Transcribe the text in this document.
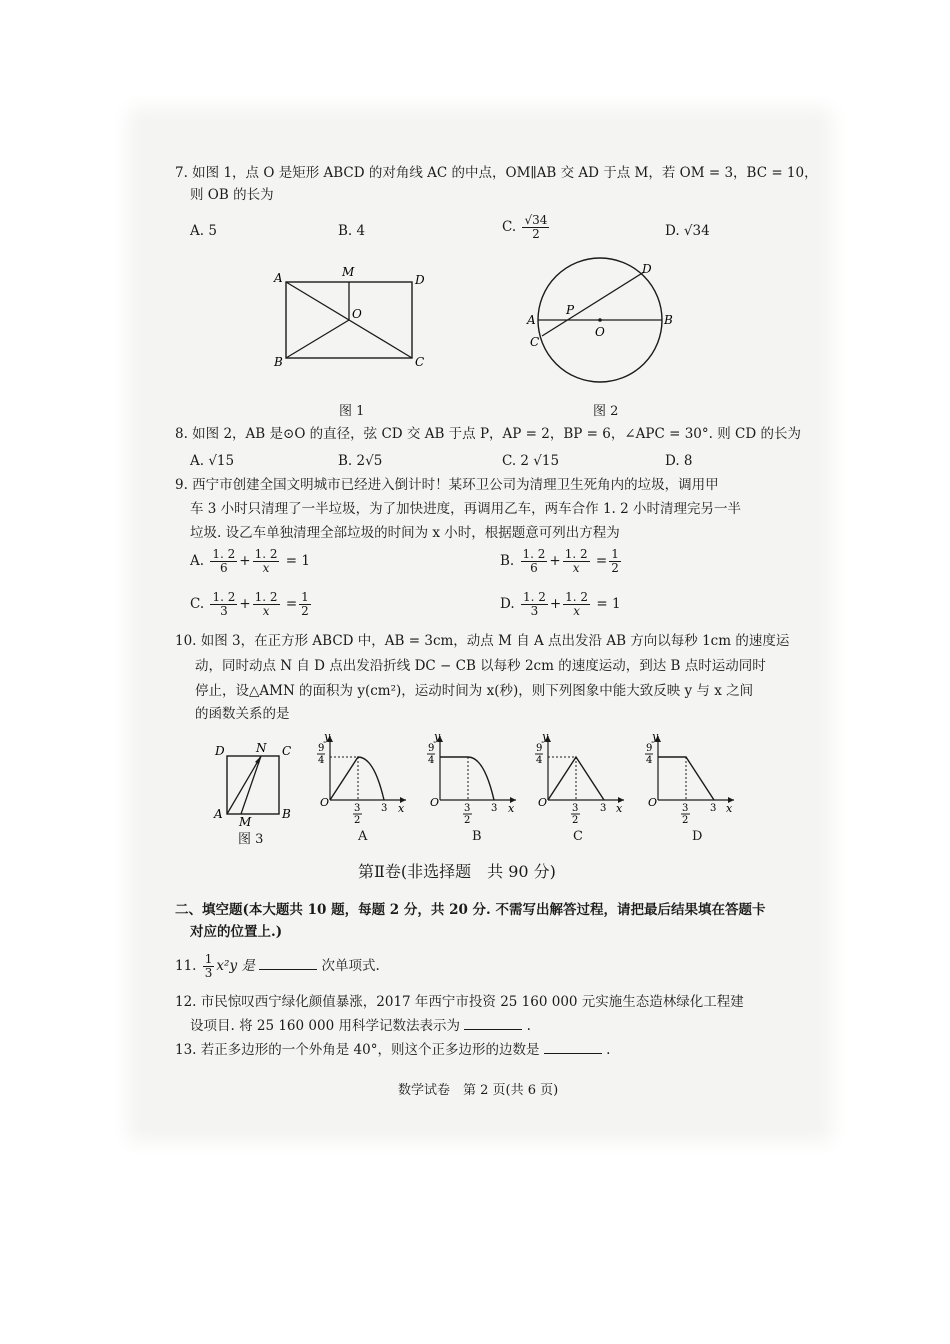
7. 如图 1，点 O 是矩形 ABCD 的对角线 AC 的中点，OM∥AB 交 AD 于点 M，若 OM = 3，BC = 10，
则 OB 的长为
A. 5	B. 4	C. $\frac{√34}{2}$	D. √34
A	M
D
O
B	C
图 1
D
A
P
O
B
C
图 2
8. 如图 2，AB 是⊙O 的直径，弦 CD 交 AB 于点 P，AP = 2，BP = 6，∠APC = 30°. 则 CD 的长为
A. √15	B. 2√5	C. 2 √15	D. 8
9. 西宁市创建全国文明城市已经进入倒计时！某环卫公司为清理卫生死角内的垃圾，调用甲
车 3 小时只清理了一半垃圾，为了加快进度，再调用乙车，两车合作 1. 2 小时清理完另一半
垃圾. 设乙车单独清理全部垃圾的时间为 x 小时，根据题意可列出方程为
A. $\frac{1. 2}{6} + \frac{1. 2}{x} = 1$	B. $\frac{1. 2}{6} + \frac{1. 2}{x} = \frac{1}{2}$
C. $\frac{1. 2}{3} + \frac{1. 2}{x} = \frac{1}{2}$	D. $\frac{1. 2}{3} + \frac{1. 2}{x} = 1$
10. 如图 3，在正方形 ABCD 中，AB = 3cm，动点 M 自 A 点出发沿 AB 方向以每秒 1cm 的速度运
动，同时动点 N 自 D 点出发沿折线 DC − CB 以每秒 2cm 的速度运动，到达 B 点时运动同时
停止，设△AMN 的面积为 y(cm²)，运动时间为 x(秒)，则下列图象中能大致反映 y 与 x 之间
的函数关系的是
D	N C
A
M
B
图 3
y
9
4
O 3
2
3 x
A
y
9
4
O 3
2
3 x
B
y
9
4
O 3
2
3 x
C
y
9
4
O 3
2
3 x
D
第Ⅱ卷(非选择题　共 90 分)
二、填空题(本大题共 10 题，每题 2 分，共 20 分. 不需写出解答过程，请把最后结果填在答题卡
对应的位置上.)
11. $\frac{1}{3} x^2y$ 是	次单项式.
12. 市民惊叹西宁绿化颜值暴涨，2017 年西宁市投资 25 160 000 元实施生态造林绿化工程建
设项目. 将 25 160 000 用科学记数法表示为	.
13. 若正多边形的一个外角是 40°，则这个正多边形的边数是	.
数学试卷　第 2 页(共 6 页)
